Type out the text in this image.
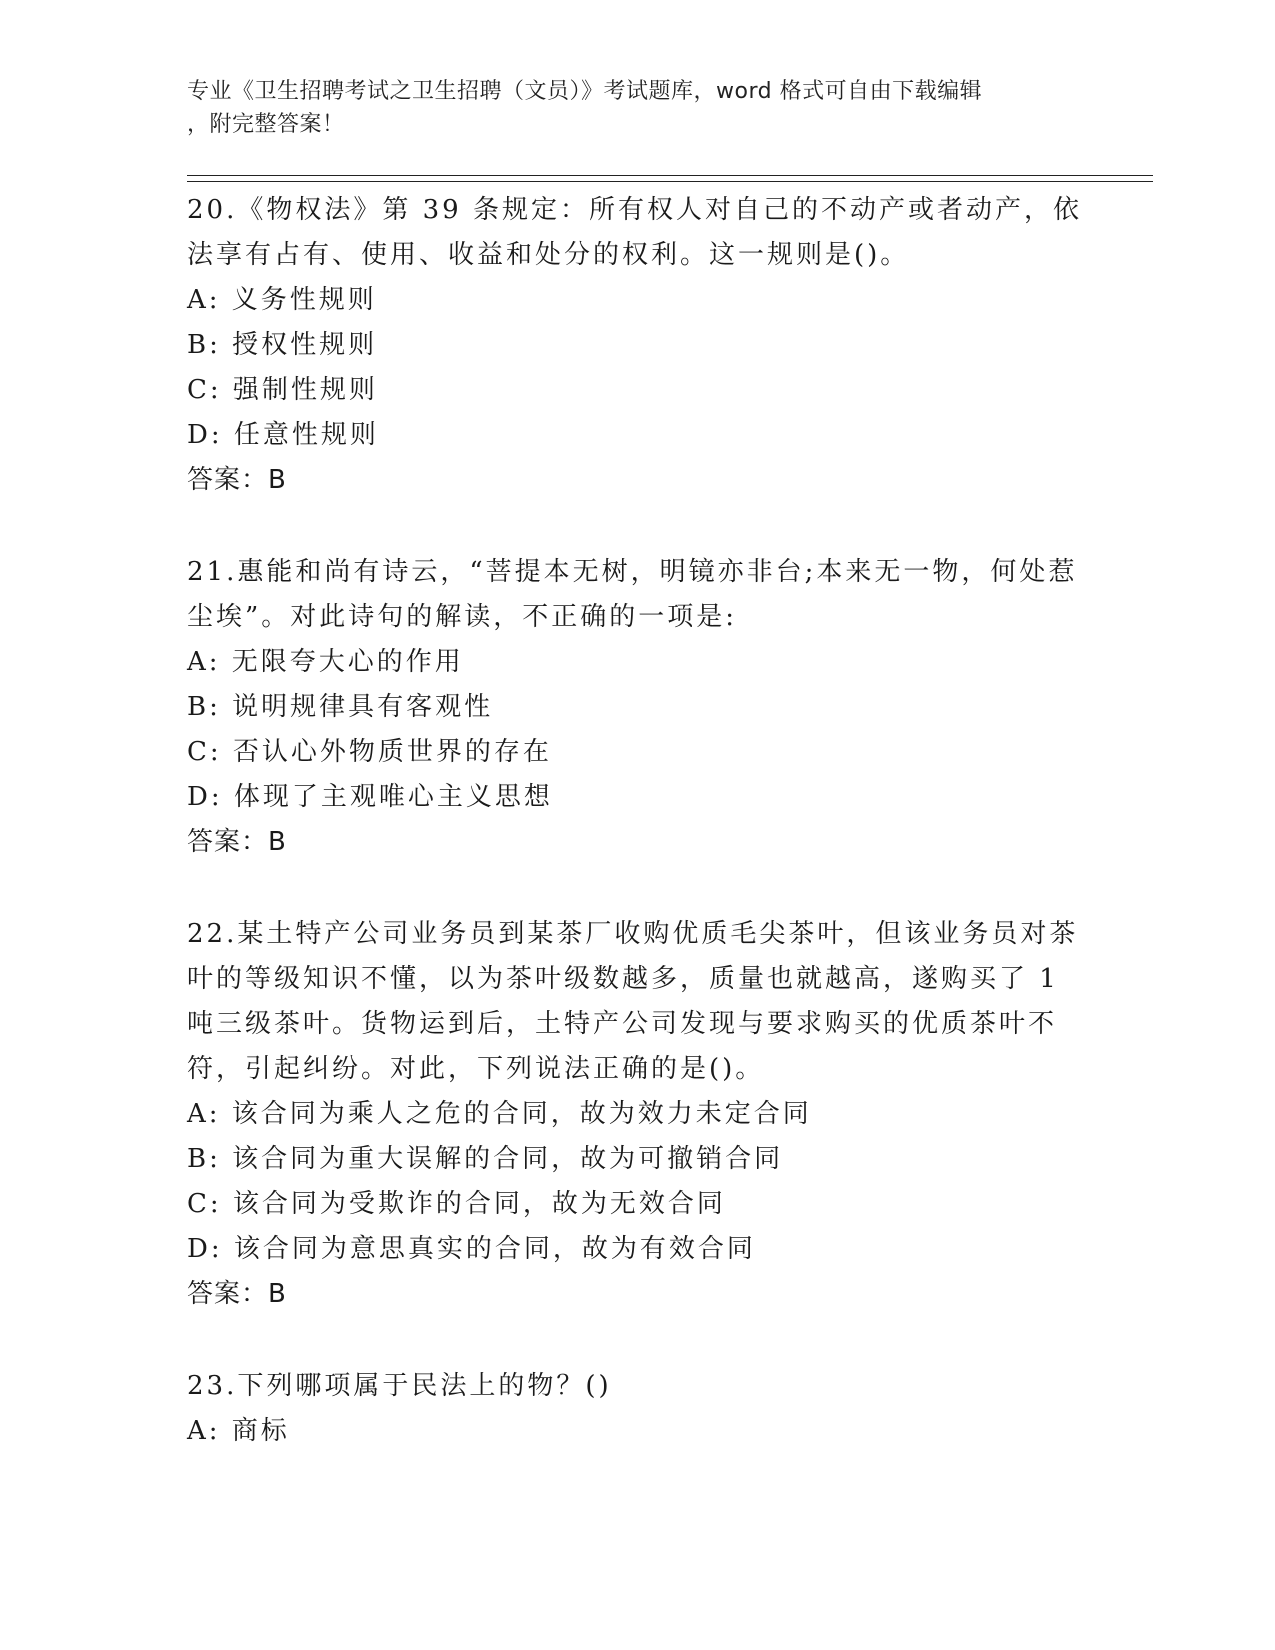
专业《卫生招聘考试之卫生招聘（文员）》考试题库，word 格式可自由下载编辑
，附完整答案！
20.《物权法》第 39 条规定：所有权人对自己的不动产或者动产，依法享有占有、使用、收益和处分的权利。这一规则是()。
A: 义务性规则
B: 授权性规则
C: 强制性规则
D: 任意性规则
答案：B
21.惠能和尚有诗云，“菩提本无树，明镜亦非台;本来无一物，何处惹尘埃”。对此诗句的解读，不正确的一项是:
A: 无限夸大心的作用
B: 说明规律具有客观性
C: 否认心外物质世界的存在
D: 体现了主观唯心主义思想
答案：B
22.某土特产公司业务员到某茶厂收购优质毛尖茶叶，但该业务员对茶叶的等级知识不懂，以为茶叶级数越多，质量也就越高，遂购买了 1 吨三级茶叶。货物运到后，土特产公司发现与要求购买的优质茶叶不符，引起纠纷。对此，下列说法正确的是()。
A: 该合同为乘人之危的合同，故为效力未定合同
B: 该合同为重大误解的合同，故为可撤销合同
C: 该合同为受欺诈的合同，故为无效合同
D: 该合同为意思真实的合同，故为有效合同
答案：B
23.下列哪项属于民法上的物？()
A: 商标
